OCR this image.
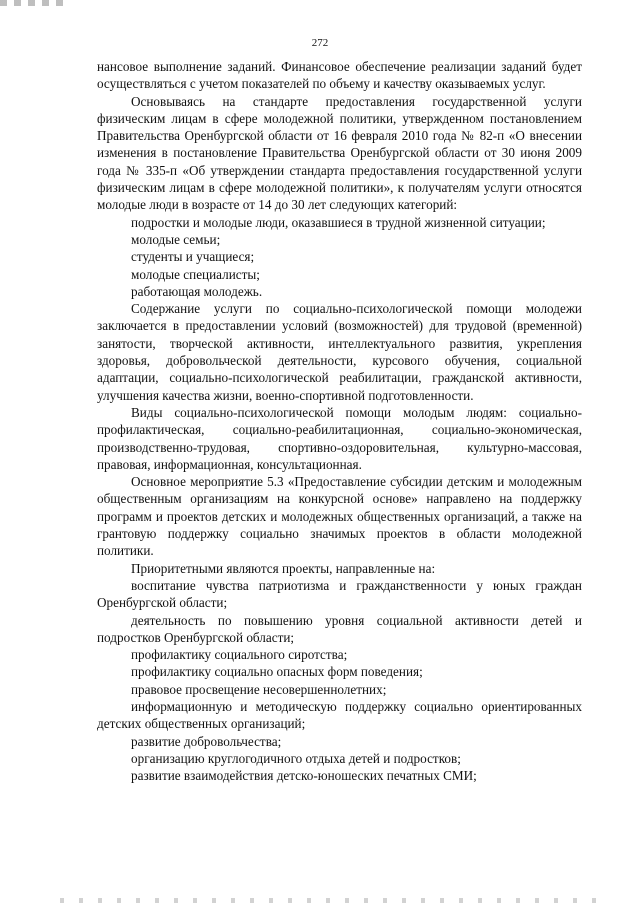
272

нансовое выполнение заданий. Финансовое обеспечение реализации заданий будет осуществляться с учетом показателей по объему и качеству оказываемых услуг.

Основываясь на стандарте предоставления государственной услуги физическим лицам в сфере молодежной политики, утвержденном постановлением Правительства Оренбургской области от 16 февраля 2010 года № 82-п «О внесении изменения в постановление Правительства Оренбургской области от 30 июня 2009 года № 335-п «Об утверждении стандарта предоставления государственной услуги физическим лицам в сфере молодежной политики», к получателям услуги относятся молодые люди в возрасте от 14 до 30 лет следующих категорий:

подростки и молодые люди, оказавшиеся в трудной жизненной ситуации;

молодые семьи;

студенты и учащиеся;

молодые специалисты;

работающая молодежь.

Содержание услуги по социально-психологической помощи молодежи заключается в предоставлении условий (возможностей) для трудовой (временной) занятости, творческой активности, интеллектуального развития, укрепления здоровья, добровольческой деятельности, курсового обучения, социальной адаптации, социально-психологической реабилитации, гражданской активности, улучшения качества жизни, военно-спортивной подготовленности.

Виды социально-психологической помощи молодым людям: социально-профилактическая, социально-реабилитационная, социально-экономическая, производственно-трудовая, спортивно-оздоровительная, культурно-массовая, правовая, информационная, консультационная.

Основное мероприятие 5.3 «Предоставление субсидии детским и молодежным общественным организациям на конкурсной основе» направлено на поддержку программ и проектов детских и молодежных общественных организаций, а также на грантовую поддержку социально значимых проектов в области молодежной политики.

Приоритетными являются проекты, направленные на:

воспитание чувства патриотизма и гражданственности у юных граждан Оренбургской области;

деятельность по повышению уровня социальной активности детей и подростков Оренбургской области;

профилактику социального сиротства;

профилактику социально опасных форм поведения;

правовое просвещение несовершеннолетних;

информационную и методическую поддержку социально ориентированных детских общественных организаций;

развитие добровольчества;

организацию круглогодичного отдыха детей и подростков;

развитие взаимодействия детско-юношеских печатных СМИ;
